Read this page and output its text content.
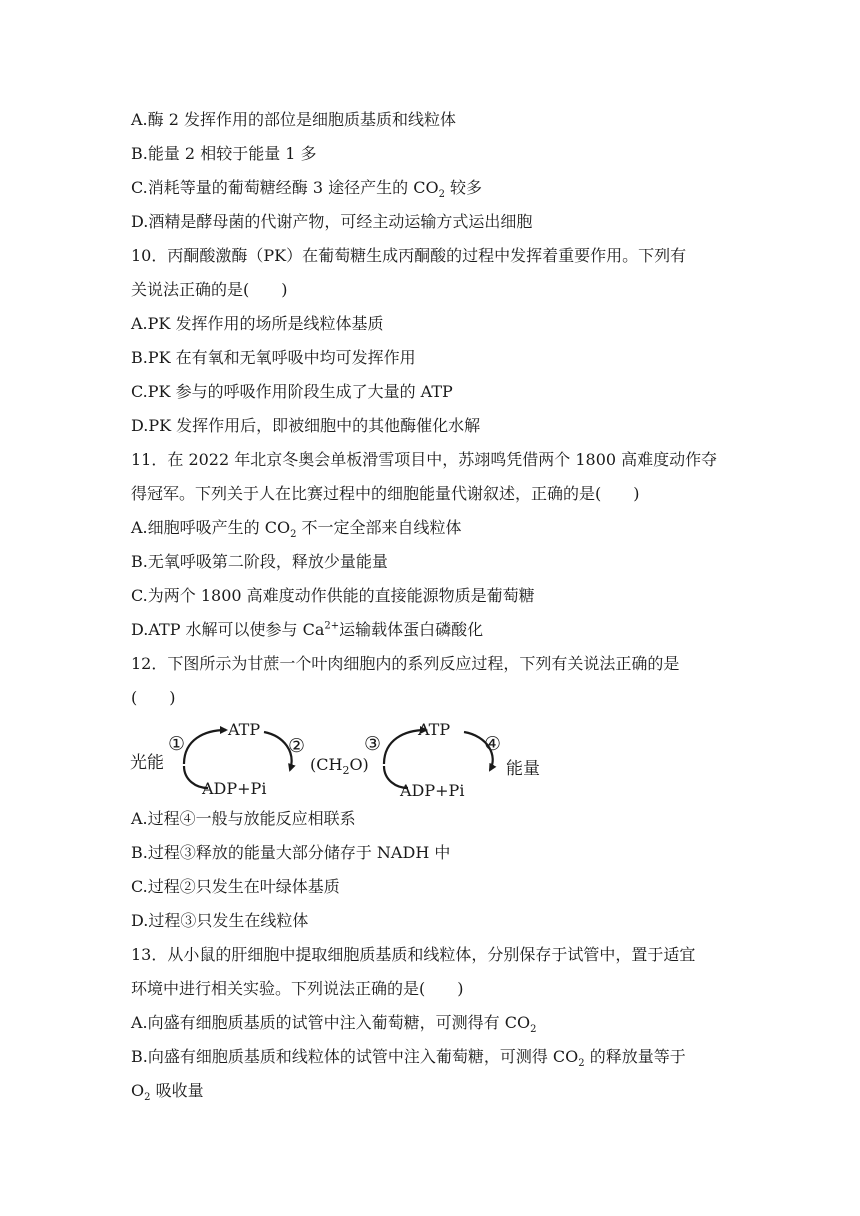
A.酶 2 发挥作用的部位是细胞质基质和线粒体
B.能量 2 相较于能量 1 多
C.消耗等量的葡萄糖经酶 3 途径产生的 $CO_2$ 较多
D.酒精是酵母菌的代谢产物，可经主动运输方式运出细胞
10．丙酮酸激酶（PK）在葡萄糖生成丙酮酸的过程中发挥着重要作用。下列有
关说法正确的是(　　)
A.PK 发挥作用的场所是线粒体基质
B.PK 在有氧和无氧呼吸中均可发挥作用
C.PK 参与的呼吸作用阶段生成了大量的 ATP
D.PK 发挥作用后，即被细胞中的其他酶催化水解
11．在 2022 年北京冬奥会单板滑雪项目中，苏翊鸣凭借两个 1800 高难度动作夺
得冠军。下列关于人在比赛过程中的细胞能量代谢叙述，正确的是(　　)
A.细胞呼吸产生的 $CO_2$ 不一定全部来自线粒体
B.无氧呼吸第二阶段，释放少量能量
C.为两个 1800 高难度动作供能的直接能源物质是葡萄糖
D.ATP 水解可以使参与 $Ca^{2+}$运输载体蛋白磷酸化
12．下图所示为甘蔗一个叶肉细胞内的系列反应过程，下列有关说法正确的是
(　　)
光能
①
ATP
②
ADP+Pi
$(CH_2O)$
③
ATP
④
ADP+Pi
能量
A.过程④一般与放能反应相联系
B.过程③释放的能量大部分储存于 NADH 中
C.过程②只发生在叶绿体基质
D.过程③只发生在线粒体
13．从小鼠的肝细胞中提取细胞质基质和线粒体，分别保存于试管中，置于适宜
环境中进行相关实验。下列说法正确的是(　　)
A.向盛有细胞质基质的试管中注入葡萄糖，可测得有 $CO_2$
B.向盛有细胞质基质和线粒体的试管中注入葡萄糖，可测得 $CO_2$ 的释放量等于
$O_2$ 吸收量
